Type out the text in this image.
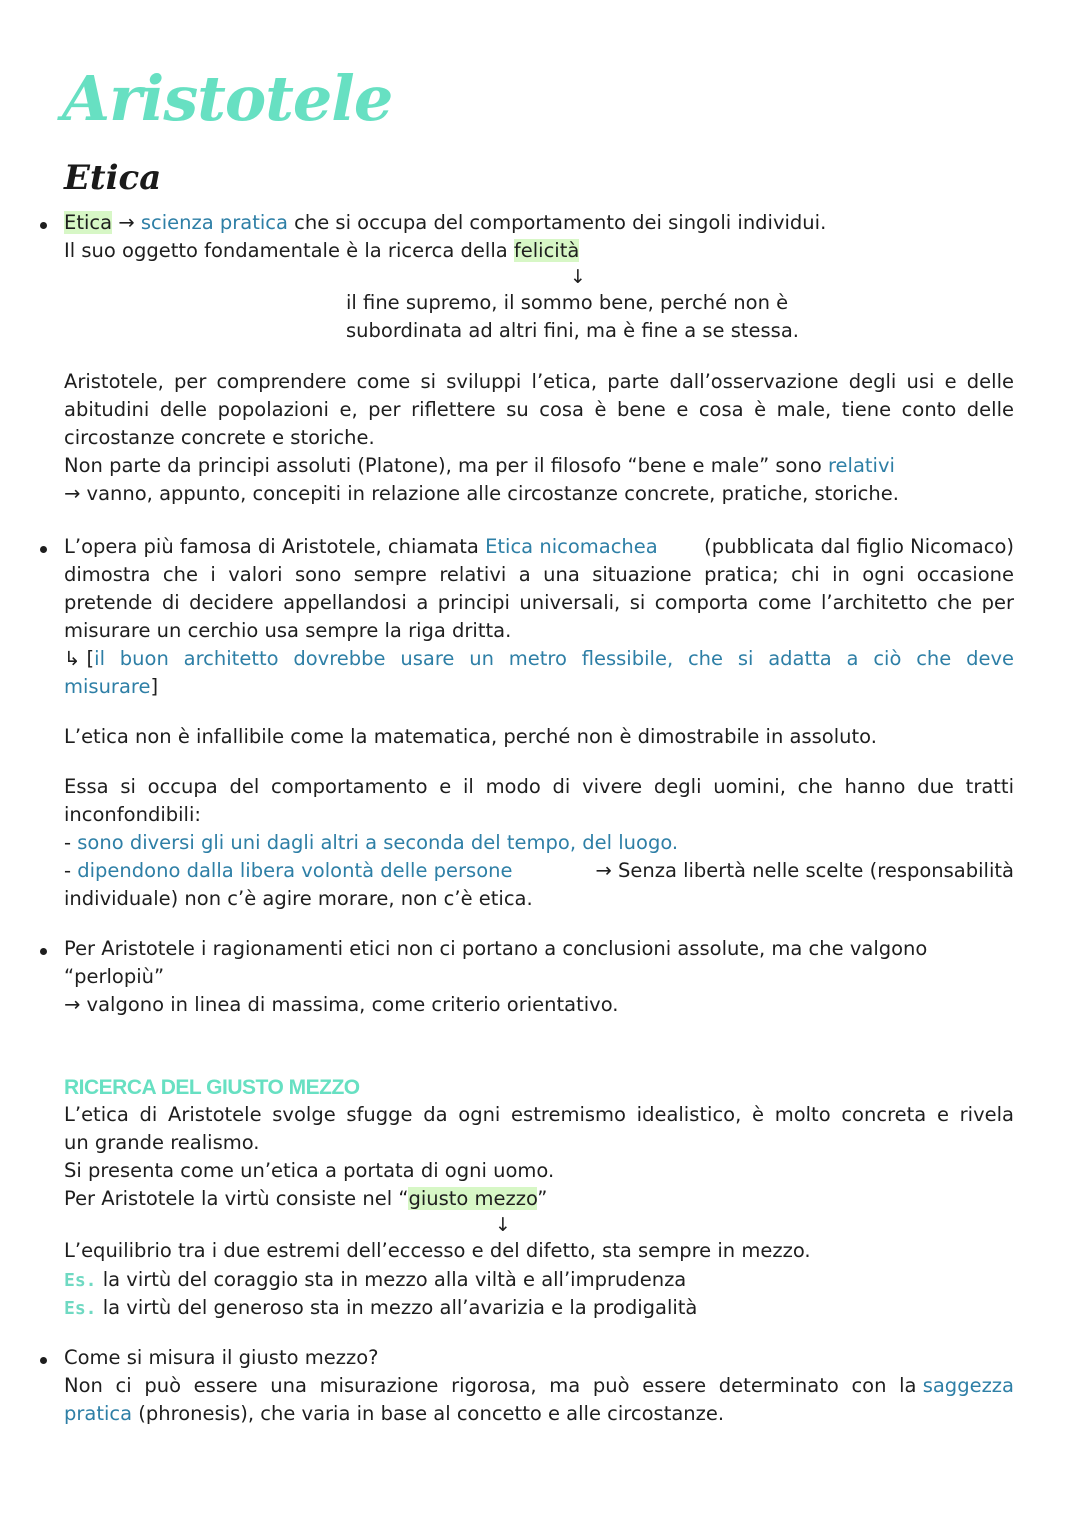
Aristotele
Etica
Etica → scienza pratica che si occupa del comportamento dei singoli individui.
Il suo oggetto fondamentale è la ricerca della felicità
↓
il fine supremo, il sommo bene, perché non è
subordinata ad altri fini, ma è fine a se stessa.
Aristotele, per comprendere come si sviluppi l’etica, parte dall’osservazione degli usi e delle
abitudini delle popolazioni e, per riflettere su cosa è bene e cosa è male, tiene conto delle
circostanze concrete e storiche.
Non parte da principi assoluti (Platone), ma per il filosofo “bene e male” sono relativi
→ vanno, appunto, concepiti in relazione alle circostanze concrete, pratiche, storiche.
L’opera più famosa di Aristotele, chiamata Etica nicomachea	(pubblicata dal figlio Nicomaco)
dimostra che i valori sono sempre relativi a una situazione pratica; chi in ogni occasione
pretende di decidere appellandosi a principi universali, si comporta come l’architetto che per
misurare un cerchio usa sempre la riga dritta.
↳ [ il buon architetto dovrebbe usare un metro flessibile, che si adatta a ciò che deve
misurare]
L’etica non è infallibile come la matematica, perché non è dimostrabile in assoluto.
Essa si occupa del comportamento e il modo di vivere degli uomini, che hanno due tratti
inconfondibili:
- sono diversi gli uni dagli altri a seconda del tempo, del luogo.
- dipendono dalla libera volontà delle persone	→ Senza libertà nelle scelte (responsabilità
individuale) non c’è agire morare, non c’è etica.
Per Aristotele i ragionamenti etici non ci portano a conclusioni assolute, ma che valgono
“perlopiù”
→ valgono in linea di massima, come criterio orientativo.
RICERCA DEL GIUSTO MEZZO
L’etica di Aristotele svolge sfugge da ogni estremismo idealistico, è molto concreta e rivela
un grande realismo.
Si presenta come un’etica a portata di ogni uomo.
Per Aristotele la virtù consiste nel “giusto mezzo”
↓
L’equilibrio tra i due estremi dell’eccesso e del difetto, sta sempre in mezzo.
Es. la virtù del coraggio sta in mezzo alla viltà e all’imprudenza
Es. la virtù del generoso sta in mezzo all’avarizia e la prodigalità
Come si misura il giusto mezzo?
Non ci può essere una misurazione rigorosa, ma può essere determinato con la saggezza
pratica (phronesis), che varia in base al concetto e alle circostanze.
